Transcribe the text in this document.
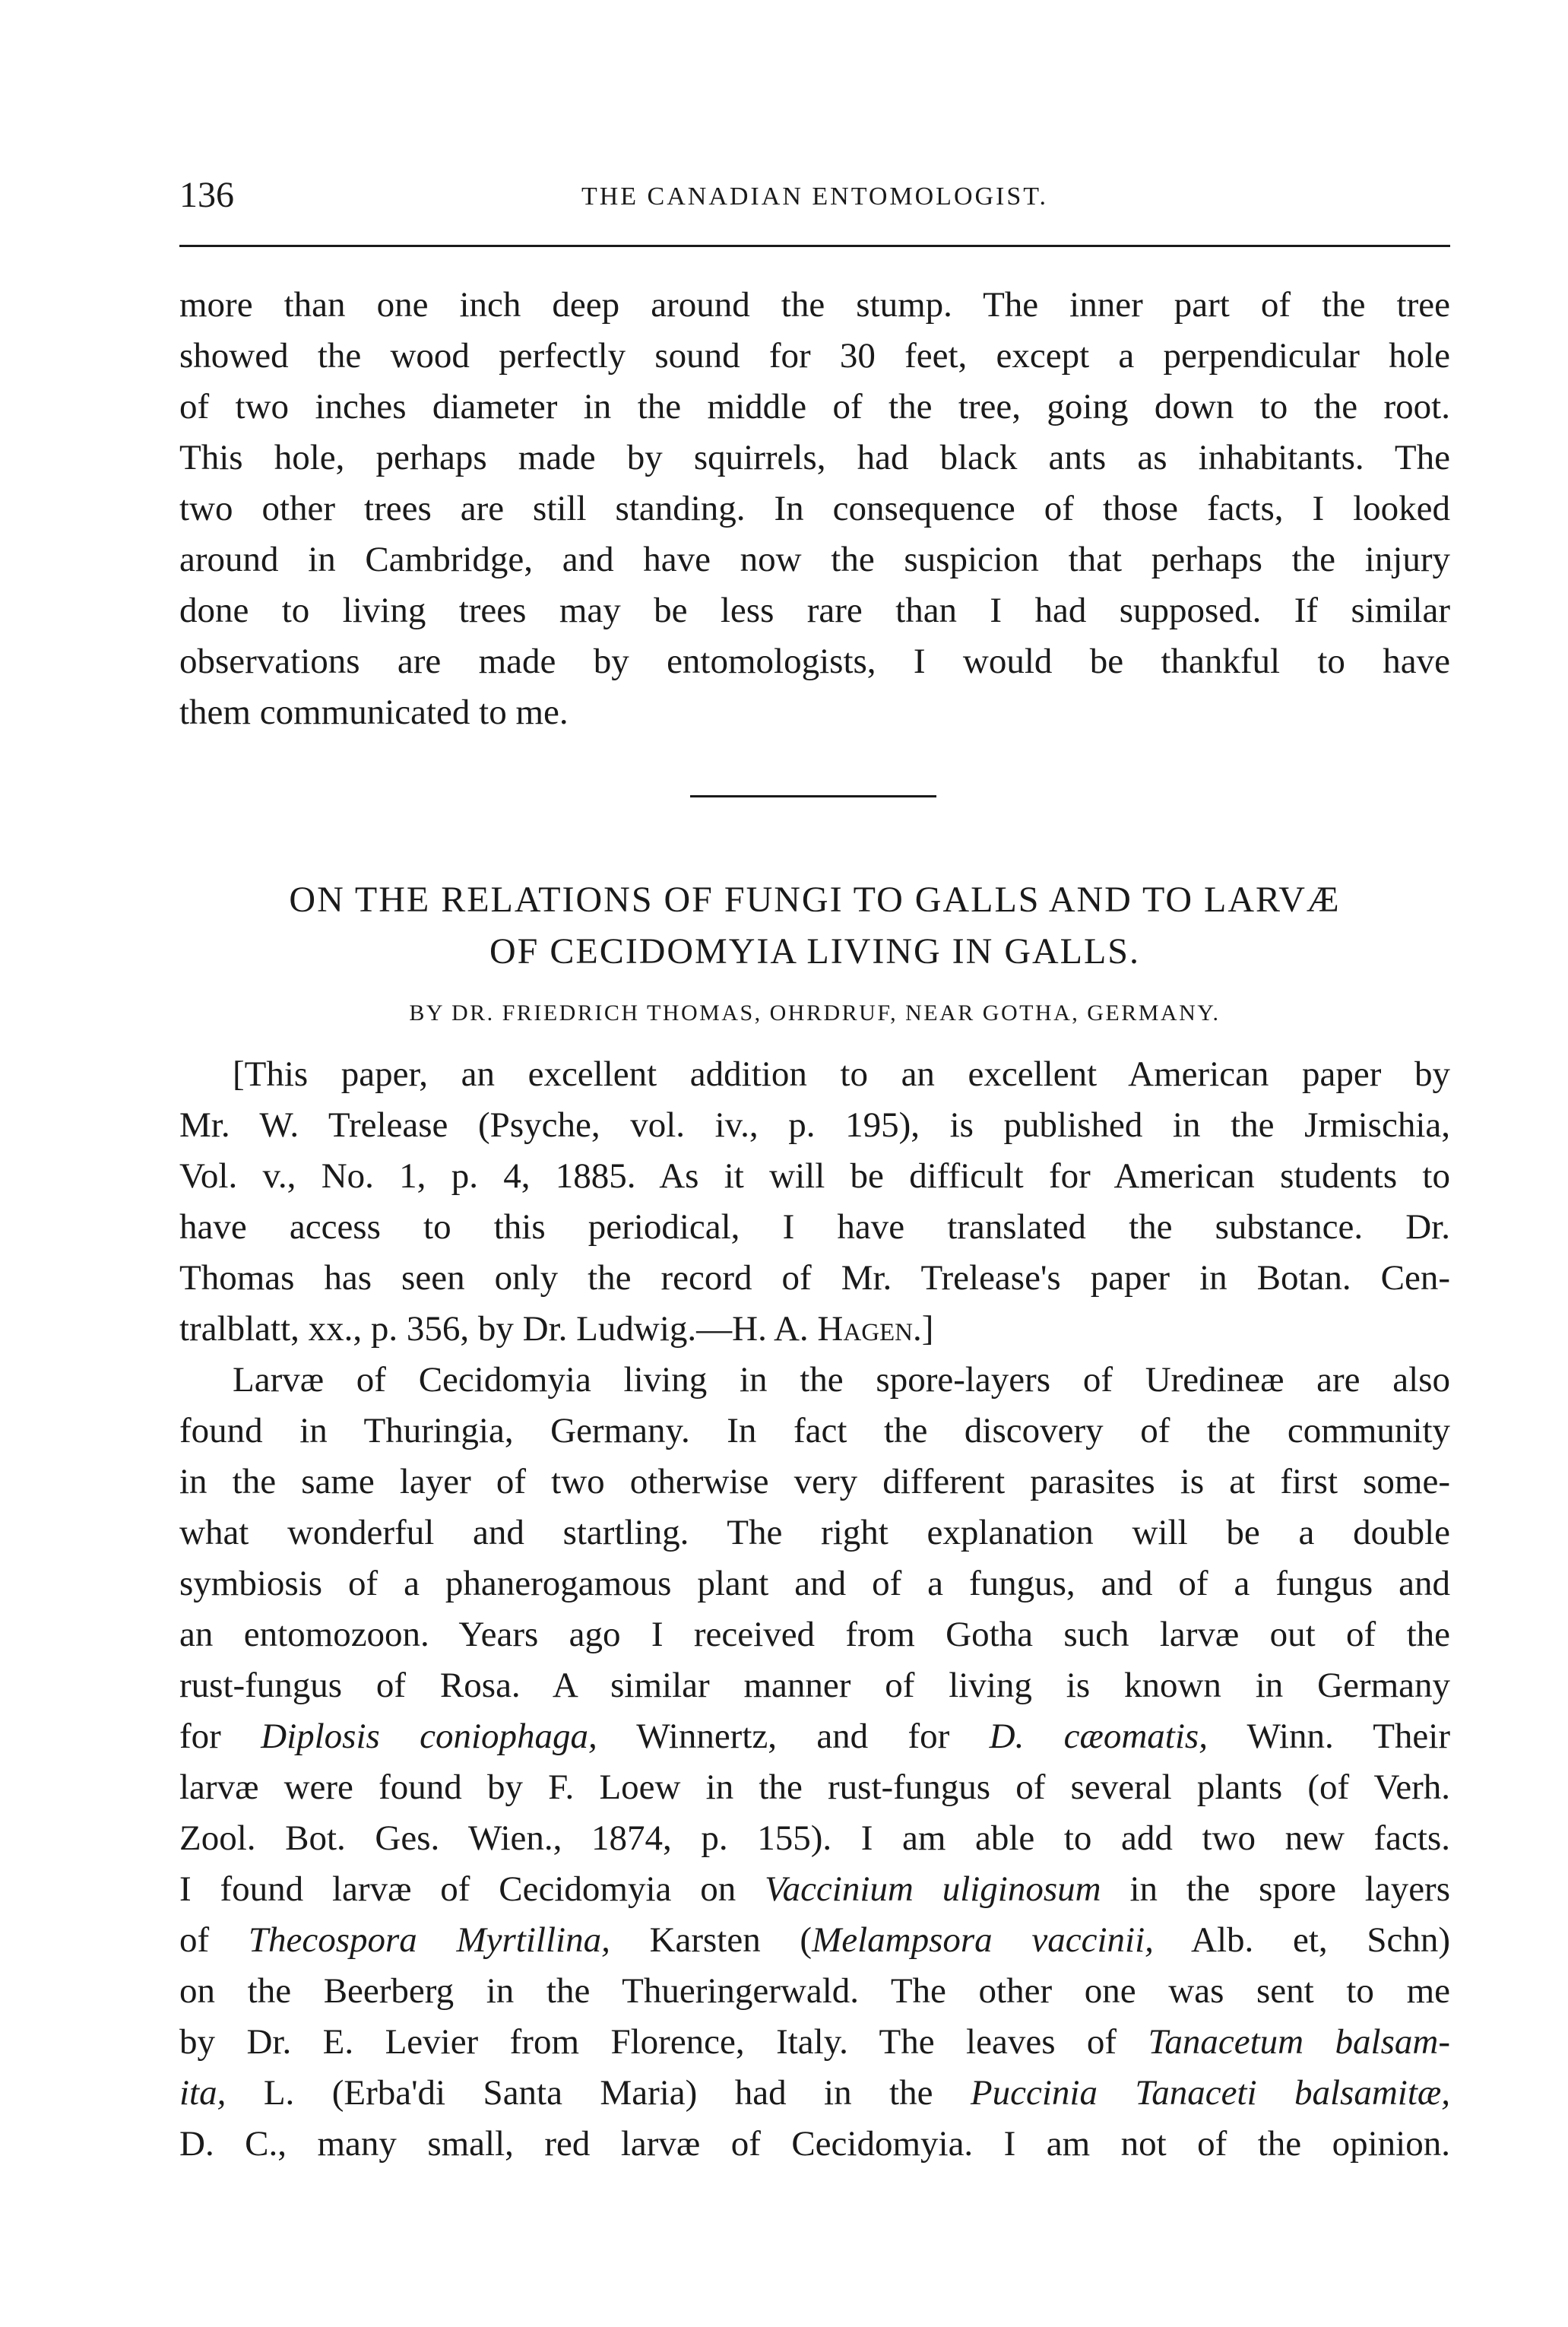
136	THE CANADIAN ENTOMOLOGIST.
more than one inch deep around the stump. The inner part of the tree
showed the wood perfectly sound for 30 feet, except a perpendicular hole
of two inches diameter in the middle of the tree, going down to the root.
This hole, perhaps made by squirrels, had black ants as inhabitants. The
two other trees are still standing. In consequence of those facts, I looked
around in Cambridge, and have now the suspicion that perhaps the injury
done to living trees may be less rare than I had supposed. If similar
observations are made by entomologists, I would be thankful to have
them communicated to me.
ON THE RELATIONS OF FUNGI TO GALLS AND TO LARVÆ
OF CECIDOMYIA LIVING IN GALLS.
BY DR. FRIEDRICH THOMAS, OHRDRUF, NEAR GOTHA, GERMANY.
[This paper, an excellent addition to an excellent American paper by
Mr. W. Trelease (Psyche, vol. iv., p. 195), is published in the Jrmischia,
Vol. v., No. 1, p. 4, 1885. As it will be difficult for American students to
have access to this periodical, I have translated the substance. Dr.
Thomas has seen only the record of Mr. Trelease's paper in Botan. Cen-
tralblatt, xx., p. 356, by Dr. Ludwig.—H. A. Hagen.]
Larvæ of Cecidomyia living in the spore-layers of Uredineæ are also
found in Thuringia, Germany. In fact the discovery of the community
in the same layer of two otherwise very different parasites is at first some-
what wonderful and startling. The right explanation will be a double
symbiosis of a phanerogamous plant and of a fungus, and of a fungus and
an entomozoon. Years ago I received from Gotha such larvæ out of the
rust-fungus of Rosa. A similar manner of living is known in Germany
for Diplosis coniophaga, Winnertz, and for D. cæomatis, Winn. Their
larvæ were found by F. Loew in the rust-fungus of several plants (of Verh.
Zool. Bot. Ges. Wien., 1874, p. 155). I am able to add two new facts.
I found larvæ of Cecidomyia on Vaccinium uliginosum in the spore layers
of Thecospora Myrtillina, Karsten (Melampsora vaccinii, Alb. et, Schn)
on the Beerberg in the Thueringerwald. The other one was sent to me
by Dr. E. Levier from Florence, Italy. The leaves of Tanacetum balsam-
ita, L. (Erba'di Santa Maria) had in the Puccinia Tanaceti balsamitæ,
D. C., many small, red larvæ of Cecidomyia. I am not of the opinion.
